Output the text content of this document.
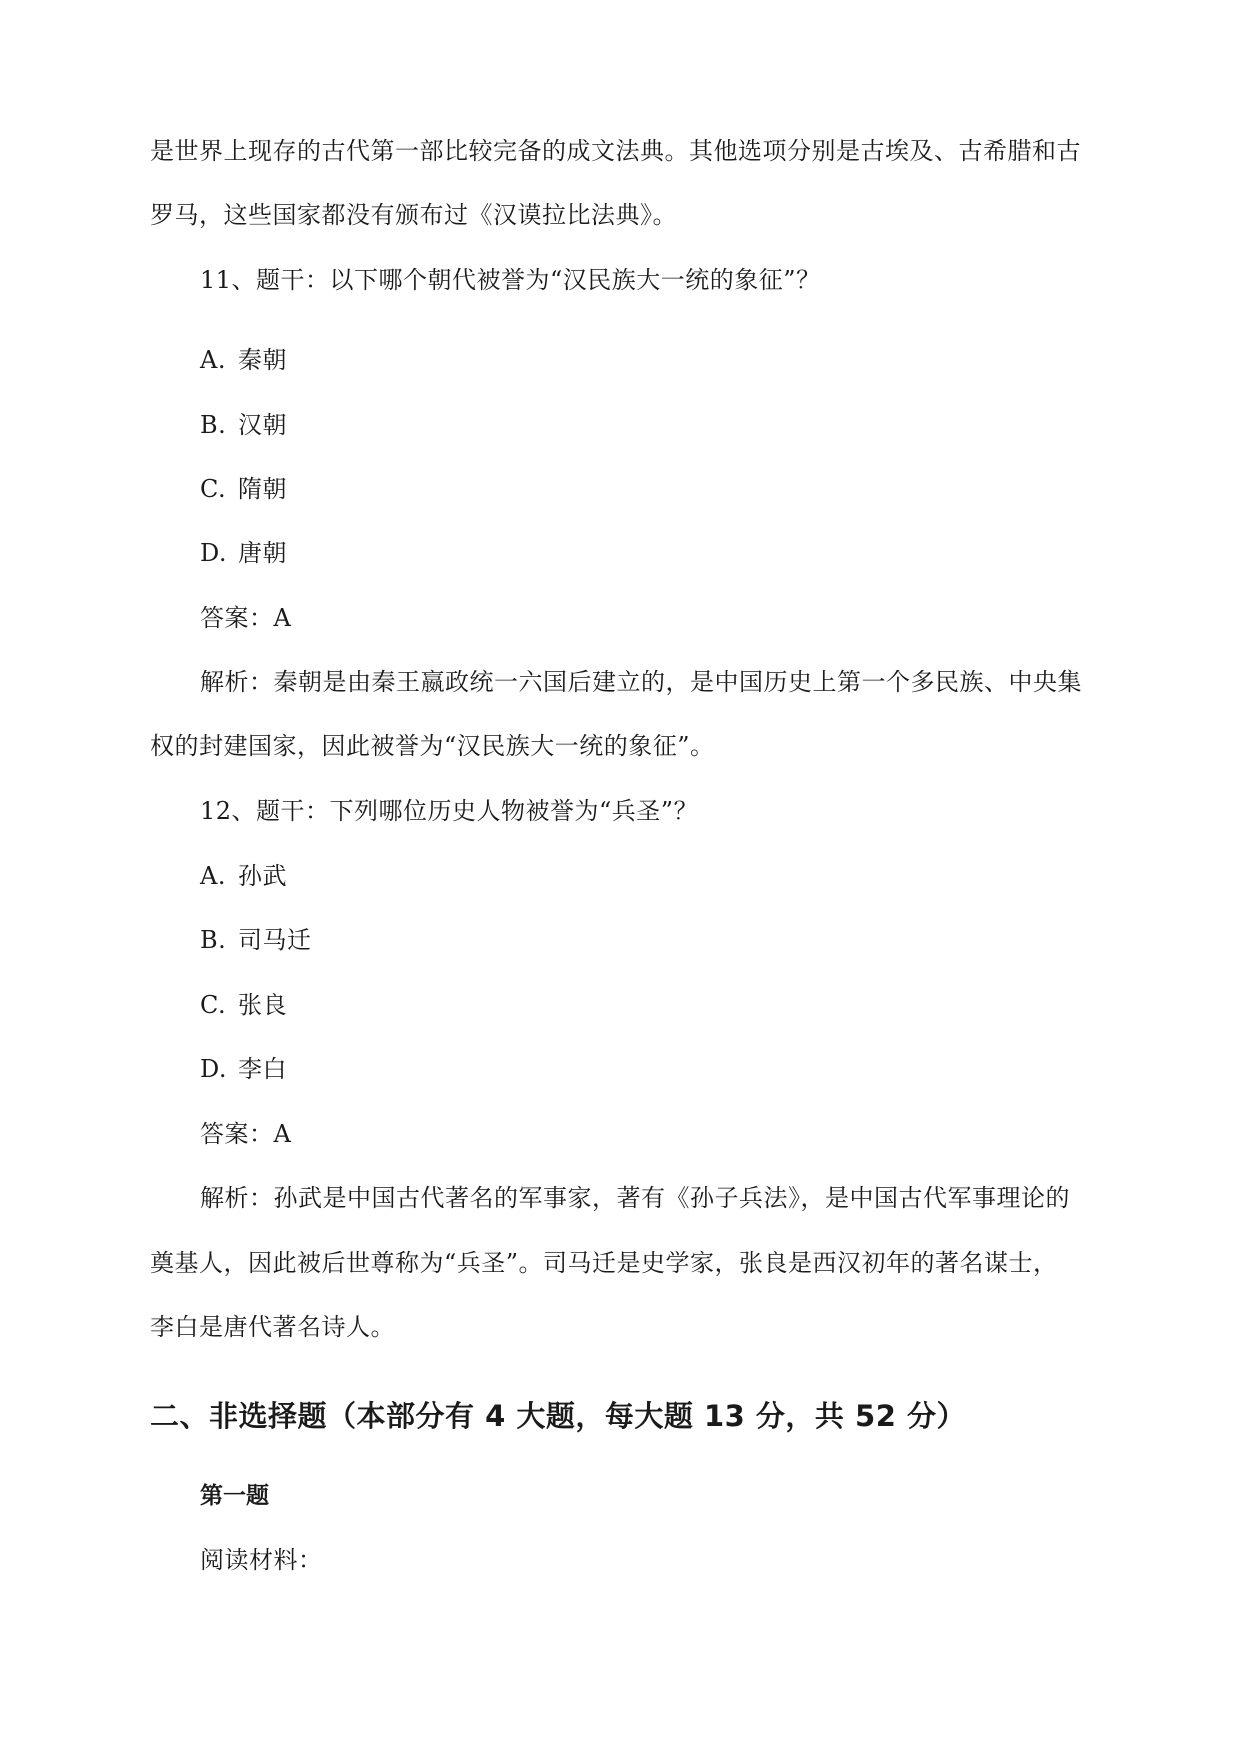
是世界上现存的古代第一部比较完备的成文法典。其他选项分别是古埃及、古希腊和古
罗马，这些国家都没有颁布过《汉谟拉比法典》。
11、题干：以下哪个朝代被誉为“汉民族大一统的象征”？
A. 秦朝
B. 汉朝
C. 隋朝
D. 唐朝
答案：A
解析：秦朝是由秦王嬴政统一六国后建立的，是中国历史上第一个多民族、中央集
权的封建国家，因此被誉为“汉民族大一统的象征”。
12、题干：下列哪位历史人物被誉为“兵圣”？
A. 孙武
B. 司马迁
C. 张良
D. 李白
答案：A
解析：孙武是中国古代著名的军事家，著有《孙子兵法》，是中国古代军事理论的
奠基人，因此被后世尊称为“兵圣”。司马迁是史学家，张良是西汉初年的著名谋士，
李白是唐代著名诗人。
二、非选择题（本部分有 4 大题，每大题 13 分，共 52 分）
第一题
阅读材料：
